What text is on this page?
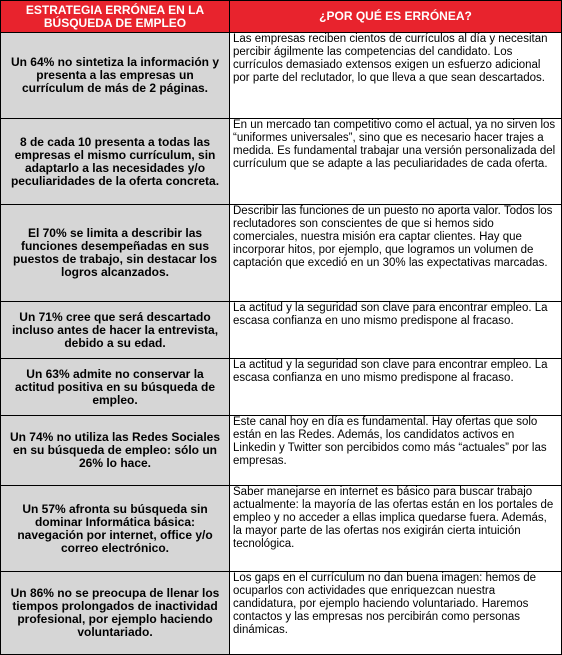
ESTRATEGIA ERRÓNEA EN LA BÚSQUEDA DE EMPLEO	¿POR QUÉ ES ERRÓNEA?
Un 64% no sintetiza la información y presenta a las empresas un currículum de más de 2 páginas.	Las empresas reciben cientos de currículos al día y necesitan percibir ágilmente las competencias del candidato. Los currículos demasiado extensos exigen un esfuerzo adicional por parte del reclutador, lo que lleva a que sean descartados.
8 de cada 10 presenta a todas las empresas el mismo currículum, sin adaptarlo a las necesidades y/o peculiaridades de la oferta concreta.	En un mercado tan competitivo como el actual, ya no sirven los “uniformes universales”, sino que es necesario hacer trajes a medida. Es fundamental trabajar una versión personalizada del currículum que se adapte a las peculiaridades de cada oferta.
El 70% se limita a describir las funciones desempeñadas en sus puestos de trabajo, sin destacar los logros alcanzados.	Describir las funciones de un puesto no aporta valor. Todos los reclutadores son conscientes de que si hemos sido comerciales, nuestra misión era captar clientes. Hay que incorporar hitos, por ejemplo, que logramos un volumen de captación que excedió en un 30% las expectativas marcadas.
Un 71% cree que será descartado incluso antes de hacer la entrevista, debido a su edad.	La actitud y la seguridad son clave para encontrar empleo. La escasa confianza en uno mismo predispone al fracaso.
Un 63% admite no conservar la actitud positiva en su búsqueda de empleo.	La actitud y la seguridad son clave para encontrar empleo. La escasa confianza en uno mismo predispone al fracaso.
Un 74% no utiliza las Redes Sociales en su búsqueda de empleo: sólo un 26% lo hace.	Este canal hoy en día es fundamental. Hay ofertas que solo están en las Redes. Además, los candidatos activos en Linkedin y Twitter son percibidos como más “actuales” por las empresas.
Un 57% afronta su búsqueda sin dominar Informática básica: navegación por internet, office y/o correo electrónico.	Saber manejarse en internet es básico para buscar trabajo actualmente: la mayoría de las ofertas están en los portales de empleo y no acceder a ellas implica quedarse fuera. Además, la mayor parte de las ofertas nos exigirán cierta intuición tecnológica.
Un 86% no se preocupa de llenar los tiempos prolongados de inactividad profesional, por ejemplo haciendo voluntariado.	Los gaps en el currículum no dan buena imagen: hemos de ocuparlos con actividades que enriquezcan nuestra candidatura, por ejemplo haciendo voluntariado. Haremos contactos y las empresas nos percibirán como personas dinámicas.
